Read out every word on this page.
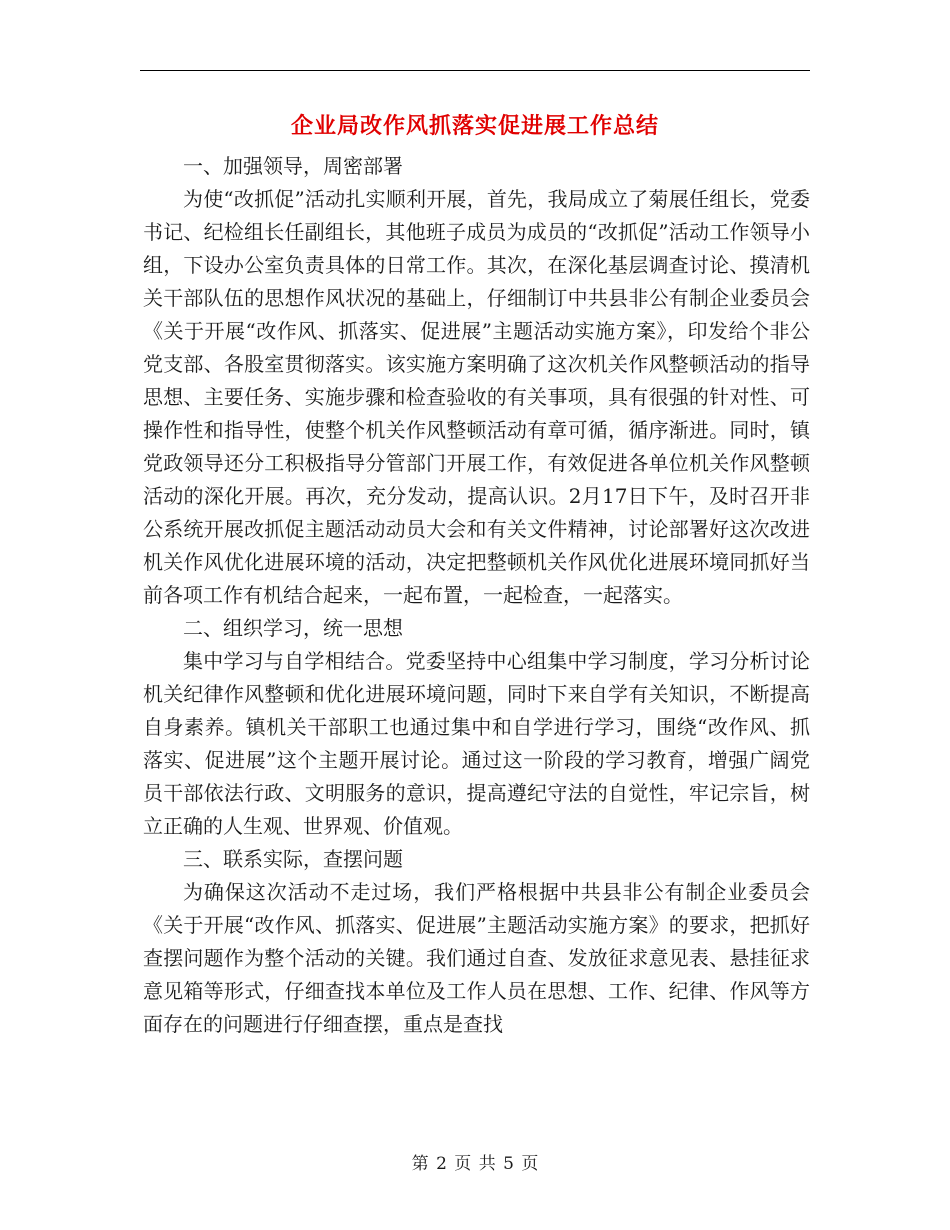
企业局改作风抓落实促进展工作总结

一、加强领导，周密部署

为使“改抓促”活动扎实顺利开展，首先，我局成立了菊展任组长，党委书记、纪检组长任副组长，其他班子成员为成员的“改抓促”活动工作领导小组，下设办公室负责具体的日常工作。其次，在深化基层调查讨论、摸清机关干部队伍的思想作风状况的基础上，仔细制订中共县非公有制企业委员会《关于开展“改作风、抓落实、促进展”主题活动实施方案》，印发给个非公党支部、各股室贯彻落实。该实施方案明确了这次机关作风整顿活动的指导思想、主要任务、实施步骤和检查验收的有关事项，具有很强的针对性、可操作性和指导性，使整个机关作风整顿活动有章可循，循序渐进。同时，镇党政领导还分工积极指导分管部门开展工作，有效促进各单位机关作风整顿活动的深化开展。再次，充分发动，提高认识。2月17日下午，及时召开非公系统开展改抓促主题活动动员大会和有关文件精神，讨论部署好这次改进机关作风优化进展环境的活动，决定把整顿机关作风优化进展环境同抓好当前各项工作有机结合起来，一起布置，一起检查，一起落实。

二、组织学习，统一思想

集中学习与自学相结合。党委坚持中心组集中学习制度，学习分析讨论机关纪律作风整顿和优化进展环境问题，同时下来自学有关知识，不断提高自身素养。镇机关干部职工也通过集中和自学进行学习，围绕“改作风、抓落实、促进展”这个主题开展讨论。通过这一阶段的学习教育，增强广阔党员干部依法行政、文明服务的意识，提高遵纪守法的自觉性，牢记宗旨，树立正确的人生观、世界观、价值观。

三、联系实际，查摆问题

为确保这次活动不走过场，我们严格根据中共县非公有制企业委员会《关于开展“改作风、抓落实、促进展”主题活动实施方案》的要求，把抓好查摆问题作为整个活动的关键。我们通过自查、发放征求意见表、悬挂征求意见箱等形式，仔细查找本单位及工作人员在思想、工作、纪律、作风等方面存在的问题进行仔细查摆，重点是查找

第 2 页 共 5 页
